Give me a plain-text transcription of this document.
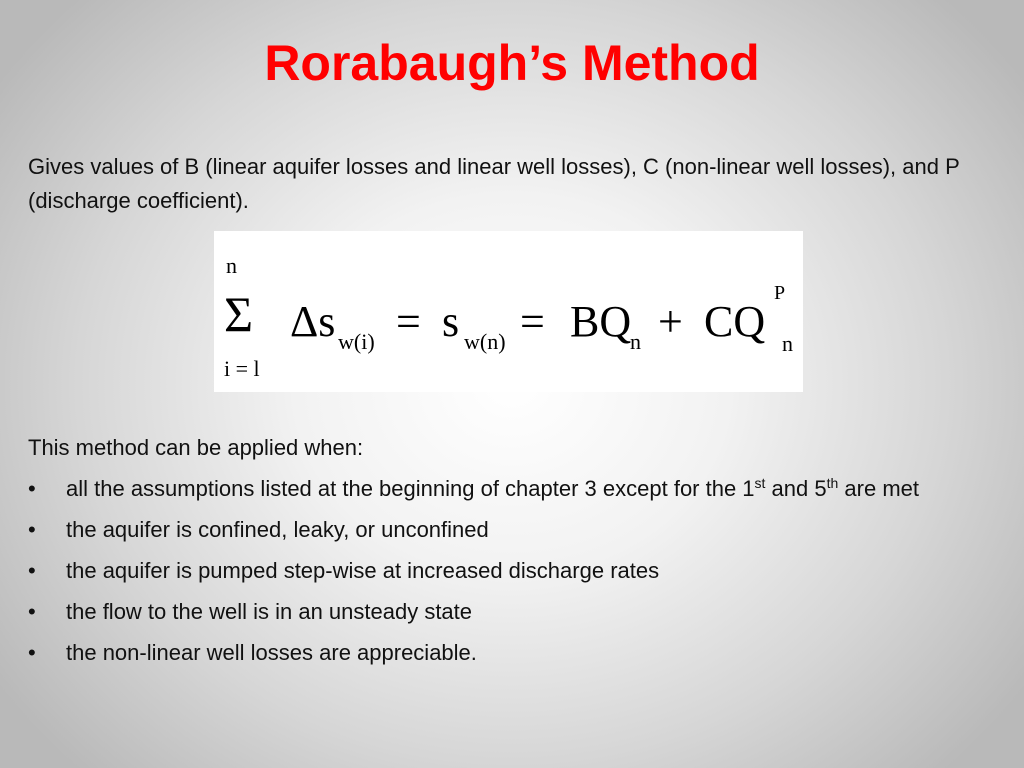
Rorabaugh’s Method
Gives values of B (linear aquifer losses and linear well losses), C (non-linear well losses), and P (discharge coefficient).
n
Σ
i = l
Δs w(i) = s w(n) = BQ
n + CQ
P
n
This method can be applied when:
• all the assumptions listed at the beginning of chapter 3 except for the 1st and 5th are met
• the aquifer is confined, leaky, or unconfined
• the aquifer is pumped step-wise at increased discharge rates
• the flow to the well is in an unsteady state
• the non-linear well losses are appreciable.
